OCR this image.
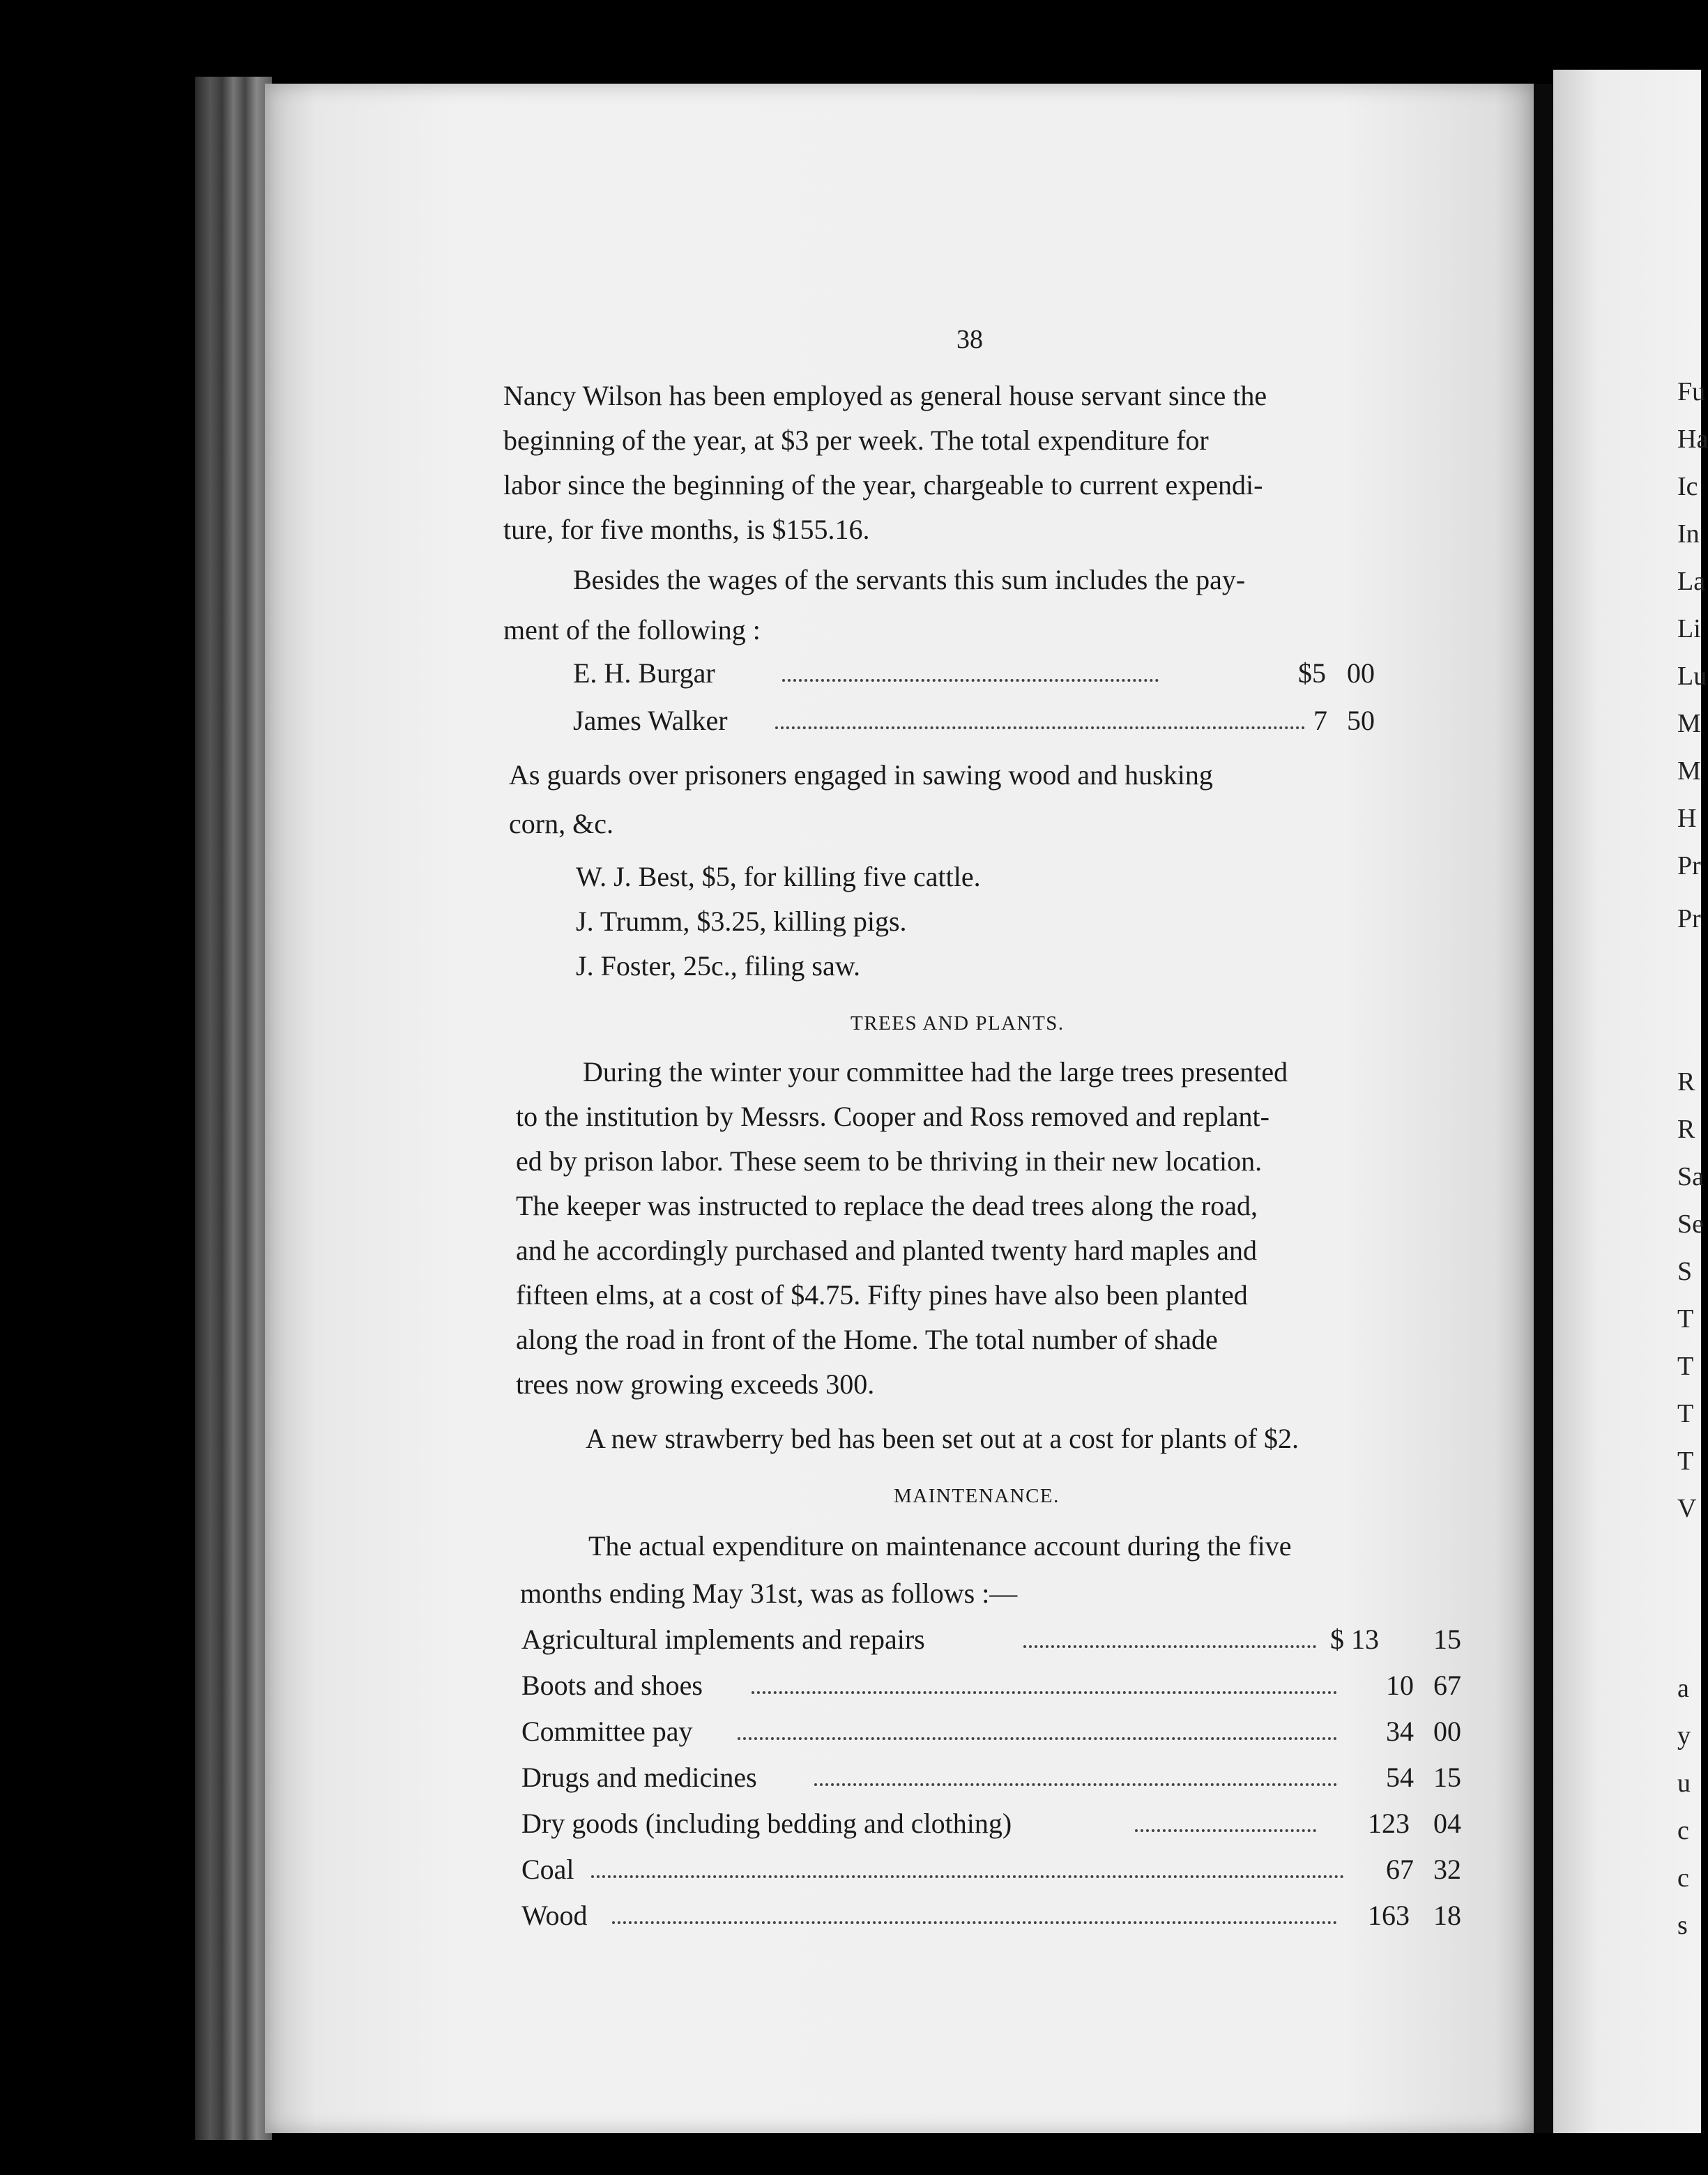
Fu
Ha
Ic
In
La
Li
Lu
M
M
H
Pr
Pr
R
R
Sa
Se
S
T
T
T
T
V
a
y
u
c
c
s
38
Nancy Wilson has been employed as general house servant since the
beginning of the year, at $3 per week. The total expenditure for
labor since the beginning of the year, chargeable to current expendi-
ture, for five months, is $155.16.
Besides the wages of the servants this sum includes the pay-
ment of the following :
E. H. Burgar	$5 00
James Walker	7 50
As guards over prisoners engaged in sawing wood and husking
corn, &c.
W. J. Best, $5, for killing five cattle.
J. Trumm, $3.25, killing pigs.
J. Foster, 25c., filing saw.
TREES AND PLANTS.
During the winter your committee had the large trees presented
to the institution by Messrs. Cooper and Ross removed and replant-
ed by prison labor. These seem to be thriving in their new location.
The keeper was instructed to replace the dead trees along the road,
and he accordingly purchased and planted twenty hard maples and
fifteen elms, at a cost of $4.75. Fifty pines have also been planted
along the road in front of the Home. The total number of shade
trees now growing exceeds 300.
A new strawberry bed has been set out at a cost for plants of $2.
MAINTENANCE.
The actual expenditure on maintenance account during the five
months ending May 31st, was as follows :—
Agricultural implements and repairs	$ 13 15
Boots and shoes	10 67
Committee pay	34 00
Drugs and medicines	54 15
Dry goods (including bedding and clothing)	123 04
Coal	67 32
Wood	163 18
